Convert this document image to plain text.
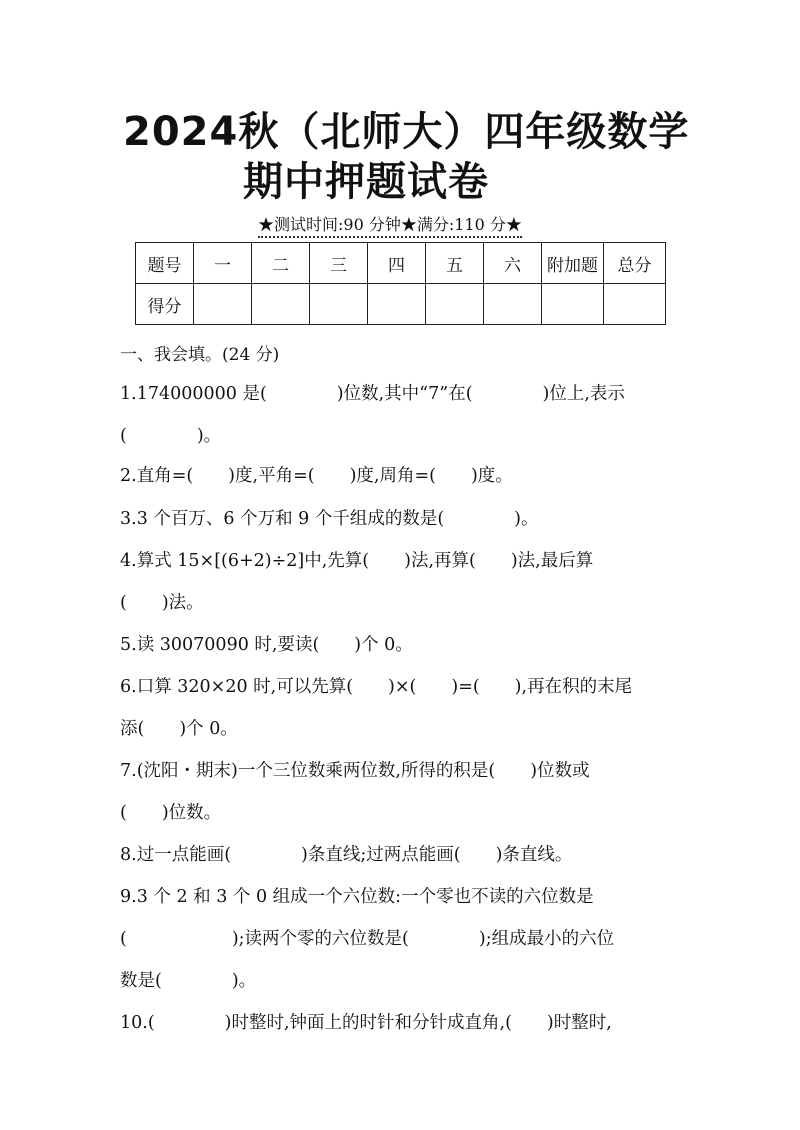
2024秋（北师大）四年级数学
期中押题试卷
★测试时间:90 分钟★满分:110 分★
题号	一	二	三	四	五	六	附加题	总分
得分								
一、我会填。(24 分)
1.174000000 是(　　　　)位数,其中“7”在(　　　　)位上,表示
(　　　　)。
2.直角=(　　)度,平角=(　　)度,周角=(　　)度。
3.3 个百万、6 个万和 9 个千组成的数是(　　　　)。
4.算式 15×[(6+2)÷2]中,先算(　　)法,再算(　　)法,最后算
(　　)法。
5.读 30070090 时,要读(　　)个 0。
6.口算 320×20 时,可以先算(　　)×(　　)=(　　),再在积的末尾
添(　　)个 0。
7.(沈阳・期末)一个三位数乘两位数,所得的积是(　　)位数或
(　　)位数。
8.过一点能画(　　　　)条直线;过两点能画(　　)条直线。
9.3 个 2 和 3 个 0 组成一个六位数:一个零也不读的六位数是
(　　　　　　);读两个零的六位数是(　　　　);组成最小的六位
数是(　　　　)。
10.(　　　　)时整时,钟面上的时针和分针成直角,(　　)时整时,
